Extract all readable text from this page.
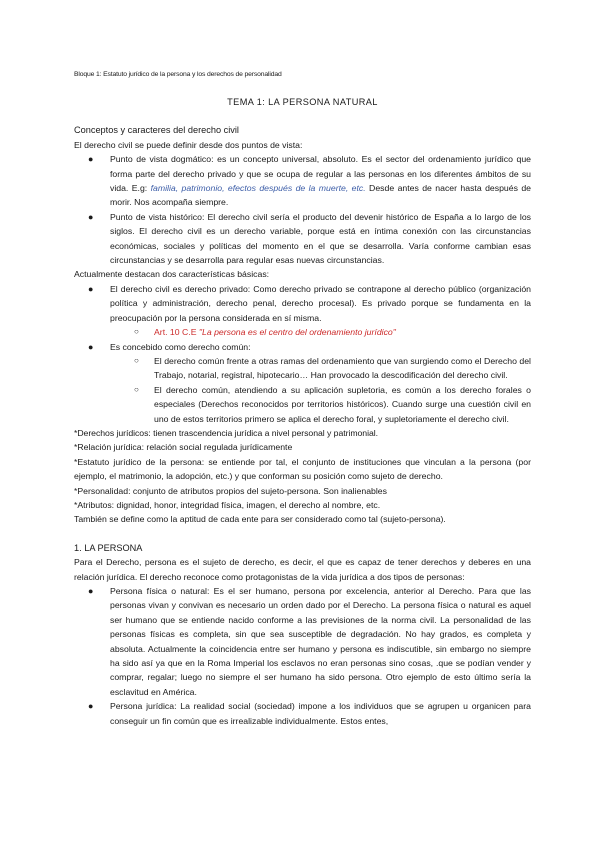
Bloque 1: Estatuto jurídico de la persona y los derechos de personalidad

TEMA 1: LA PERSONA NATURAL

Conceptos y caracteres del derecho civil

El derecho civil se puede definir desde dos puntos de vista:

● Punto de vista dogmático: es un concepto universal, absoluto. Es el sector del ordenamiento jurídico que forma parte del derecho privado y que se ocupa de regular a las personas en los diferentes ámbitos de su vida. E.g: familia, patrimonio, efectos después de la muerte, etc. Desde antes de nacer hasta después de morir. Nos acompaña siempre.
● Punto de vista histórico: El derecho civil sería el producto del devenir histórico de España a lo largo de los siglos. El derecho civil es un derecho variable, porque está en íntima conexión con las circunstancias económicas, sociales y políticas del momento en el que se desarrolla. Varía conforme cambian esas circunstancias y se desarrolla para regular esas nuevas circunstancias.

Actualmente destacan dos características básicas:

● El derecho civil es derecho privado: Como derecho privado se contrapone al derecho público (organización política y administración, derecho penal, derecho procesal). Es privado porque se fundamenta en la preocupación por la persona considerada en sí misma.
○ Art. 10 C.E "La persona es el centro del ordenamiento jurídico"
● Es concebido como derecho común:
○ El derecho común frente a otras ramas del ordenamiento que van surgiendo como el Derecho del Trabajo, notarial, registral, hipotecario… Han provocado la descodificación del derecho civil.
○ El derecho común, atendiendo a su aplicación supletoria, es común a los derecho forales o especiales (Derechos reconocidos por territorios históricos). Cuando surge una cuestión civil en uno de estos territorios primero se aplica el derecho foral, y supletoriamente el derecho civil.

*Derechos jurídicos: tienen trascendencia jurídica a nivel personal y patrimonial.

*Relación jurídica: relación social regulada jurídicamente

*Estatuto jurídico de la persona: se entiende por tal, el conjunto de instituciones que vinculan a la persona (por ejemplo, el matrimonio, la adopción, etc.) y que conforman su posición como sujeto de derecho.

*Personalidad: conjunto de atributos propios del sujeto-persona. Son inalienables

*Atributos: dignidad, honor, integridad física, imagen, el derecho al nombre, etc.

También se define como la aptitud de cada ente para ser considerado como tal (sujeto-persona).

1. LA PERSONA

Para el Derecho, persona es el sujeto de derecho, es decir, el que es capaz de tener derechos y deberes en una relación jurídica. El derecho reconoce como protagonistas de la vida jurídica a dos tipos de personas:

● Persona física o natural: Es el ser humano, persona por excelencia, anterior al Derecho. Para que las personas vivan y convivan es necesario un orden dado por el Derecho. La persona física o natural es aquel ser humano que se entiende nacido conforme a las previsiones de la norma civil. La personalidad de las personas físicas es completa, sin que sea susceptible de degradación. No hay grados, es completa y absoluta. Actualmente la coincidencia entre ser humano y persona es indiscutible, sin embargo no siempre ha sido así ya que en la Roma Imperial los esclavos no eran personas sino cosas, .que se podían vender y comprar, regalar; luego no siempre el ser humano ha sido persona. Otro ejemplo de esto último sería la esclavitud en América.
● Persona jurídica: La realidad social (sociedad) impone a los individuos que se agrupen u organicen para conseguir un fin común que es irrealizable individualmente. Estos entes,
